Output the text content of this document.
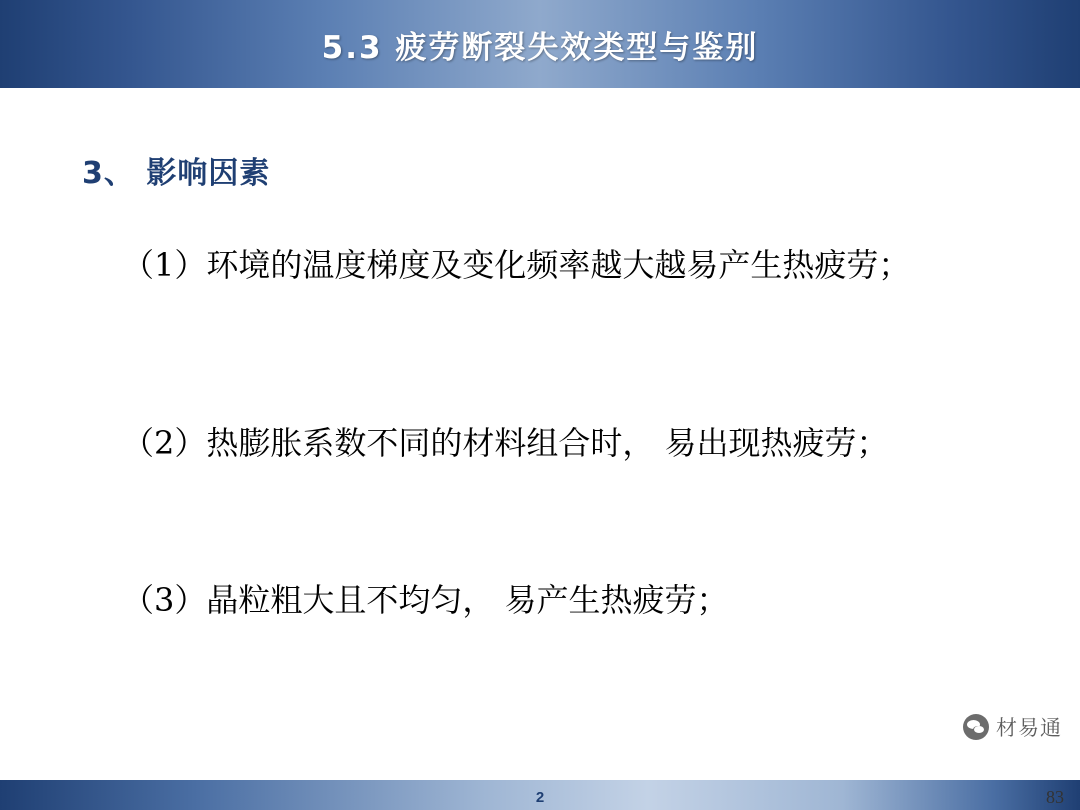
5.3 疲劳断裂失效类型与鉴别
3、 影响因素
（1）环境的温度梯度及变化频率越大越易产生热疲劳；
（2）热膨胀系数不同的材料组合时， 易出现热疲劳；
（3）晶粒粗大且不均匀， 易产生热疲劳；
材易通
2	83
